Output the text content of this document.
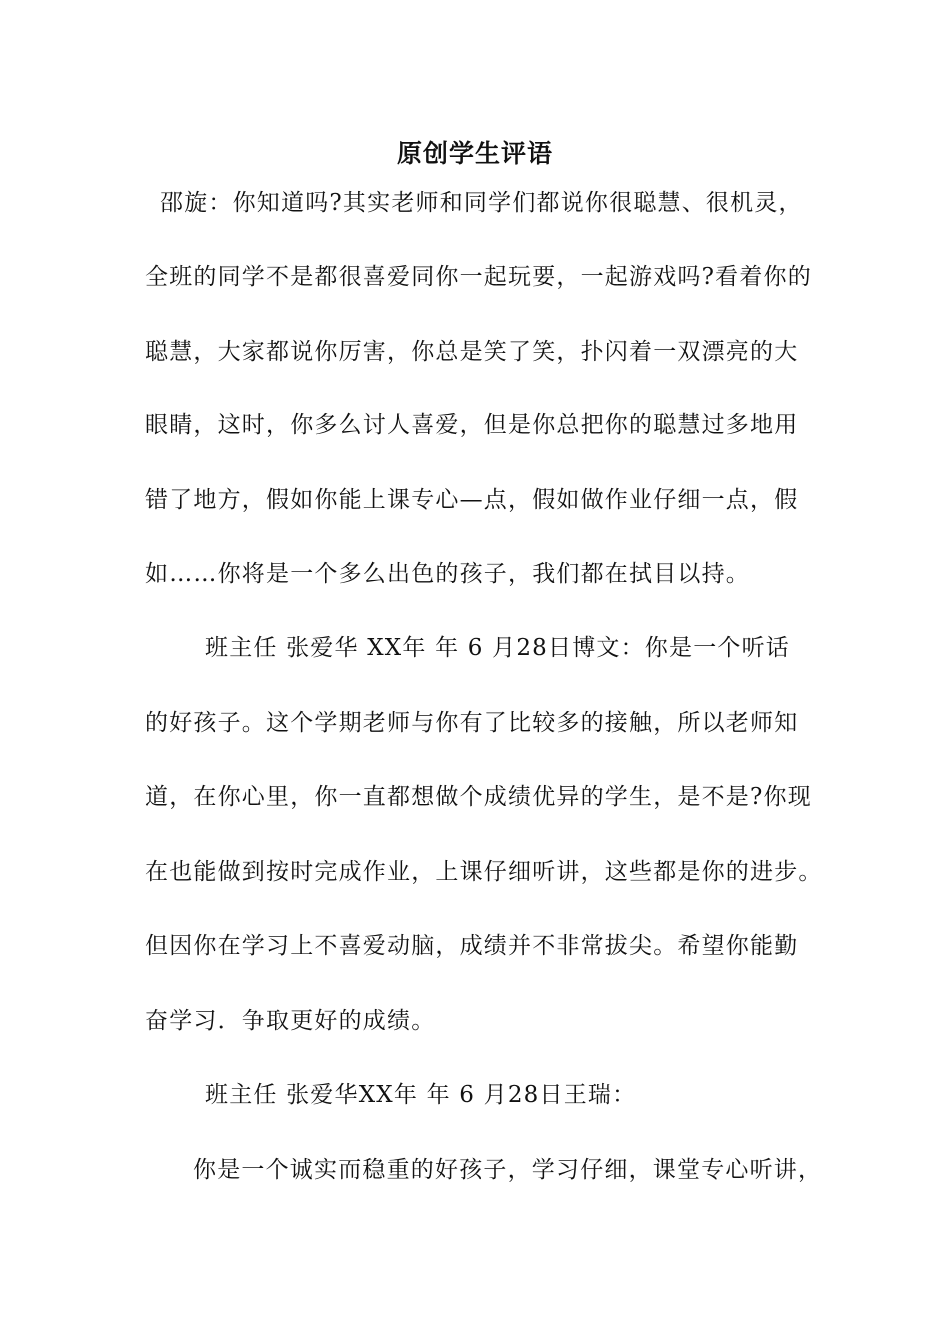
原创学生评语
邵旋：你知道吗?其实老师和同学们都说你很聪慧、很机灵，
全班的同学不是都很喜爱同你一起玩要，一起游戏吗?看着你的
聪慧，大家都说你厉害，你总是笑了笑，扑闪着一双漂亮的大
眼睛，这时，你多么讨人喜爱，但是你总把你的聪慧过多地用
错了地方，假如你能上课专心—点，假如做作业仔细一点，假
如……你将是一个多么出色的孩子，我们都在拭目以持。
班主任 张爱华 XX年 年 6 月28日博文：你是一个听话
的好孩子。这个学期老师与你有了比较多的接触，所以老师知
道，在你心里，你一直都想做个成绩优异的学生，是不是?你现
在也能做到按时完成作业，上课仔细听讲，这些都是你的进步。
但因你在学习上不喜爱动脑，成绩并不非常拔尖。希望你能勤
奋学习．争取更好的成绩。
班主任 张爱华XX年 年 6 月28日王瑞：
你是一个诚实而稳重的好孩子，学习仔细，课堂专心听讲，
